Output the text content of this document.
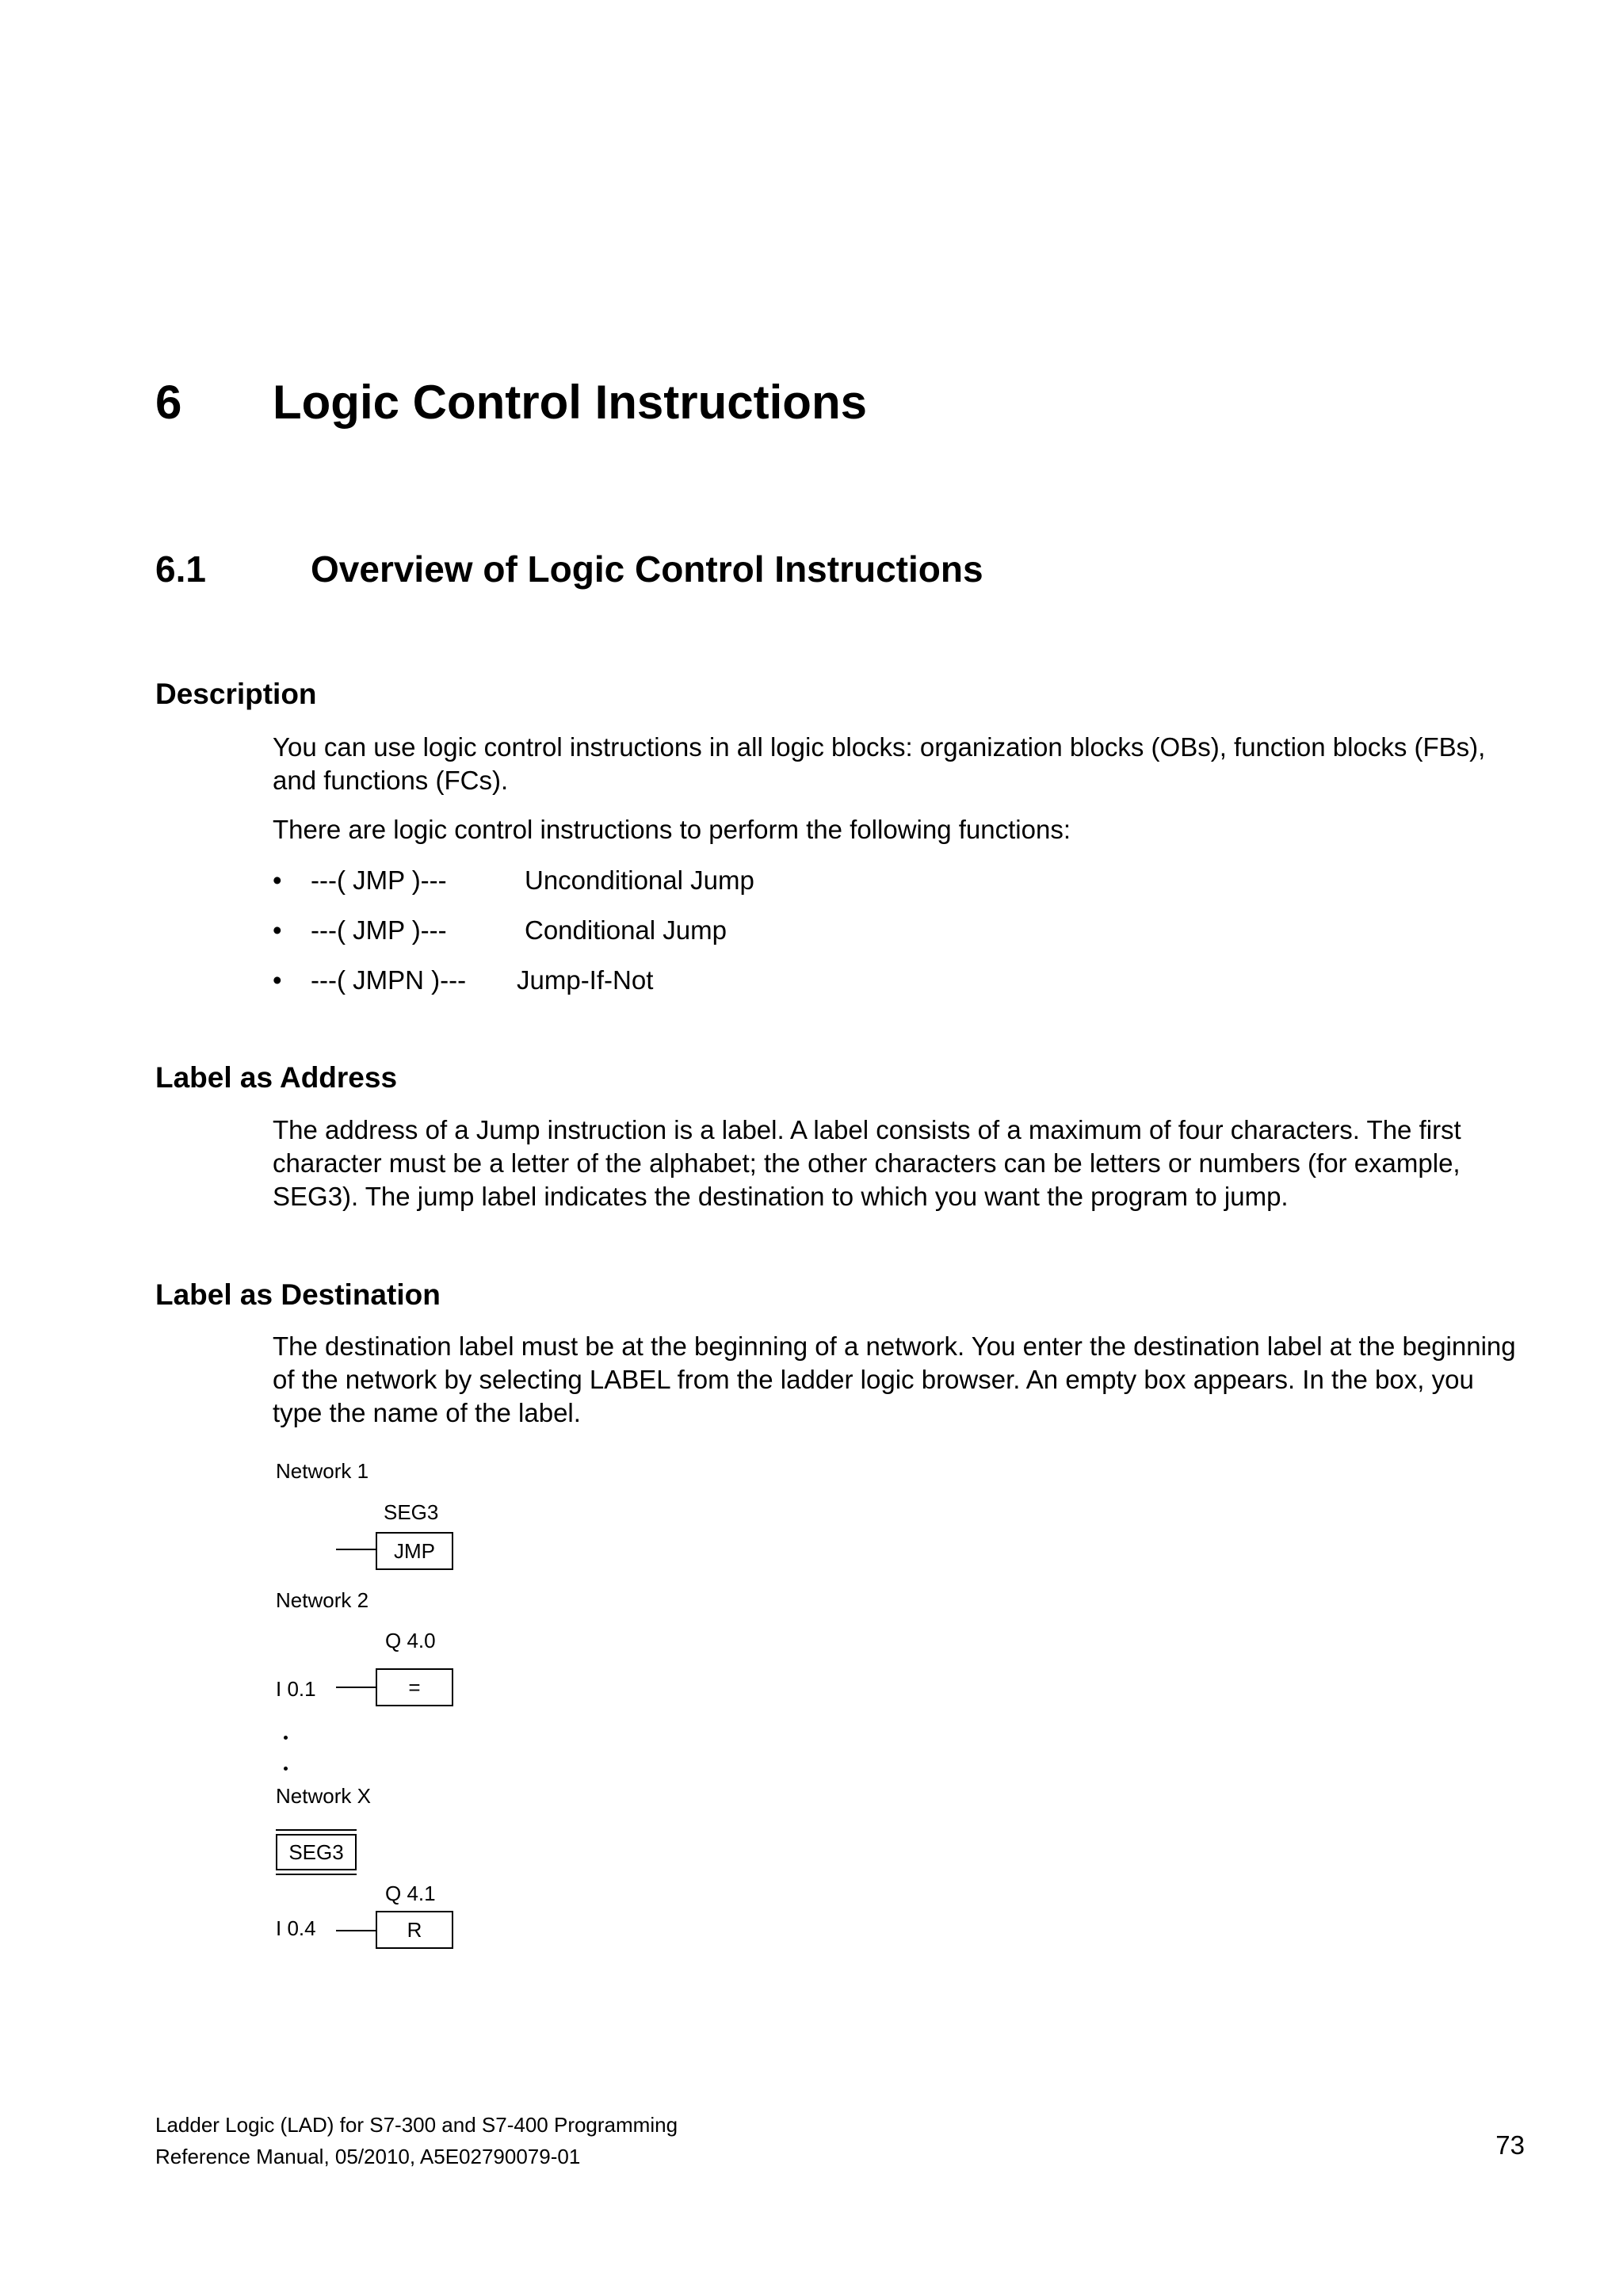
6 Logic Control Instructions
6.1	Overview of Logic Control Instructions
Description
You can use logic control instructions in all logic blocks: organization blocks (OBs), function blocks (FBs), and functions (FCs).
There are logic control instructions to perform the following functions:
• ---( JMP )---	Unconditional Jump
• ---( JMP )---	Conditional Jump
• ---( JMPN )--- Jump-If-Not
Label as Address
The address of a Jump instruction is a label. A label consists of a maximum of four characters. The first character must be a letter of the alphabet; the other characters can be letters or numbers (for example, SEG3). The jump label indicates the destination to which you want the program to jump.
Label as Destination
The destination label must be at the beginning of a network. You enter the destination label at the beginning of the network by selecting LABEL from the ladder logic browser. An empty box appears. In the box, you type the name of the label.
Network 1
SEG3
JMP
Network 2
Q 4.0
I 0.1	=
Network X
SEG3
Q 4.1
I 0.4	R
Ladder Logic (LAD) for S7-300 and S7-400 Programming
Reference Manual, 05/2010, A5E02790079-01	73
